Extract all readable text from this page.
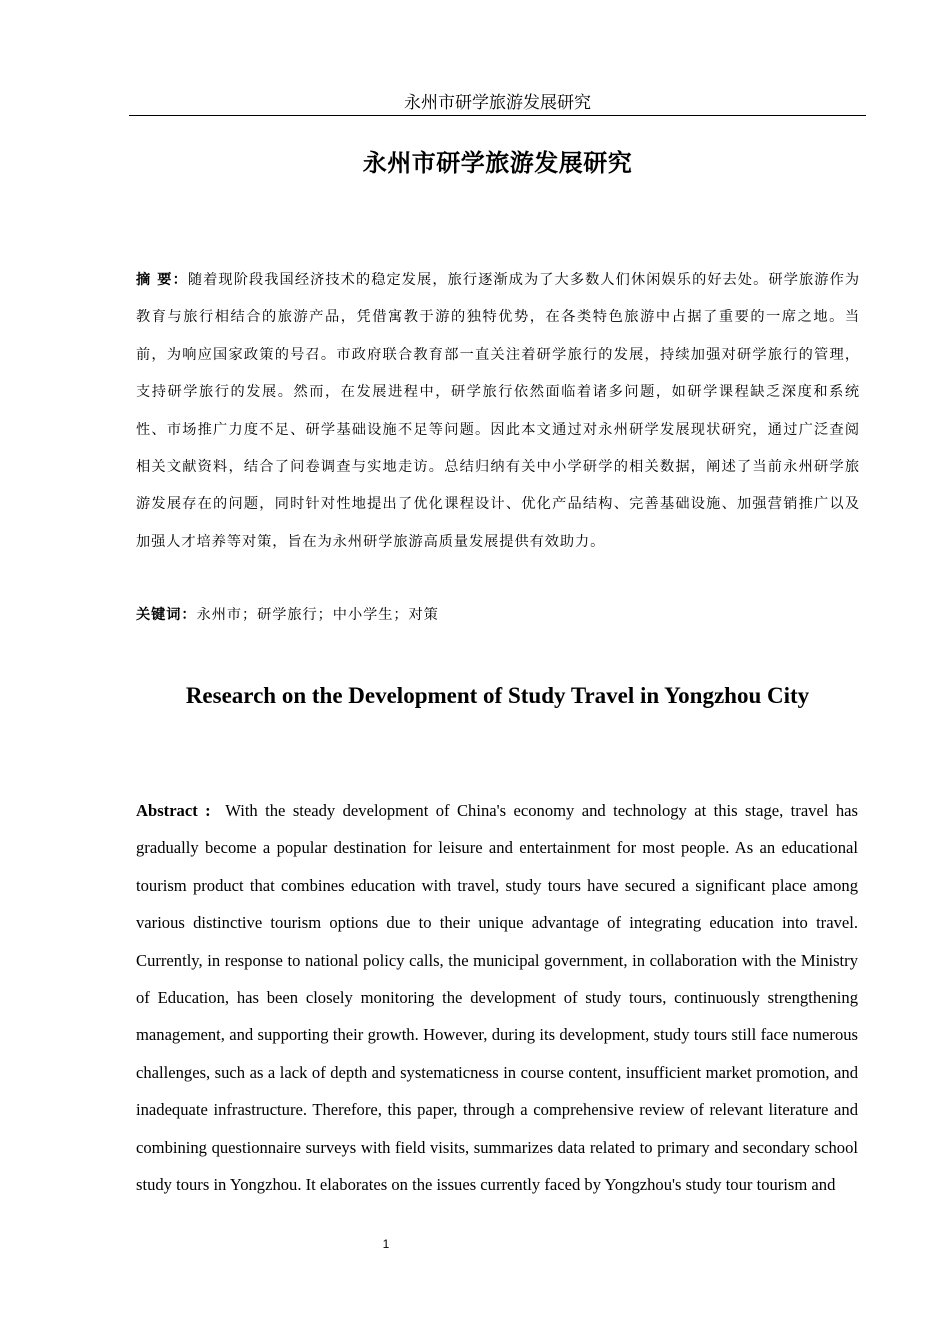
永州市研学旅游发展研究
永州市研学旅游发展研究

摘 要：随着现阶段我国经济技术的稳定发展，旅行逐渐成为了大多数人们休闲娱乐的好去处。研学旅游作为教育与旅行相结合的旅游产品，凭借寓教于游的独特优势，在各类特色旅游中占据了重要的一席之地。当前，为响应国家政策的号召。市政府联合教育部一直关注着研学旅行的发展，持续加强对研学旅行的管理，支持研学旅行的发展。然而，在发展进程中，研学旅行依然面临着诸多问题，如研学课程缺乏深度和系统性、市场推广力度不足、研学基础设施不足等问题。因此本文通过对永州研学发展现状研究，通过广泛查阅相关文献资料，结合了问卷调查与实地走访。总结归纳有关中小学研学的相关数据，阐述了当前永州研学旅游发展存在的问题，同时针对性地提出了优化课程设计、优化产品结构、完善基础设施、加强营销推广以及加强人才培养等对策，旨在为永州研学旅游高质量发展提供有效助力。

关键词：永州市；研学旅行；中小学生；对策

Research on the Development of Study Travel in Yongzhou City

Abstract : With the steady development of China's economy and technology at this stage, travel has gradually become a popular destination for leisure and entertainment for most people. As an educational tourism product that combines education with travel, study tours have secured a significant place among various distinctive tourism options due to their unique advantage of integrating education into travel. Currently, in response to national policy calls, the municipal government, in collaboration with the Ministry of Education, has been closely monitoring the development of study tours, continuously strengthening management, and supporting their growth. However, during its development, study tours still face numerous challenges, such as a lack of depth and systematicness in course content, insufficient market promotion, and inadequate infrastructure. Therefore, this paper, through a comprehensive review of relevant literature and combining questionnaire surveys with field visits, summarizes data related to primary and secondary school study tours in Yongzhou. It elaborates on the issues currently faced by Yongzhou's study tour tourism and

1
